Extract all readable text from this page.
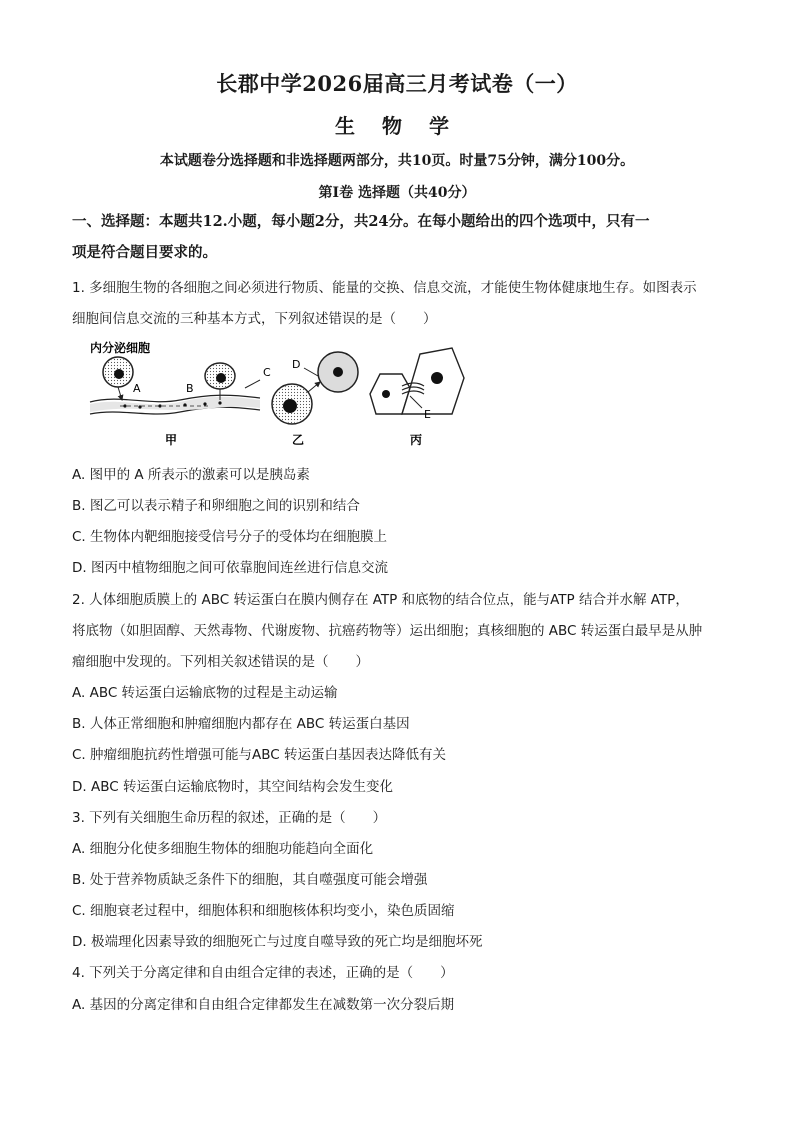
长郡中学2026届高三月考试卷（一）
生 物 学
本试题卷分选择题和非选择题两部分，共10页。时量75分钟，满分100分。
第Ⅰ卷 选择题（共40分）
一、选择题：本题共12.小题，每小题2分，共24分。在每小题给出的四个选项中，只有一
项是符合题目要求的。
1. 多细胞生物的各细胞之间必须进行物质、能量的交换、信息交流，才能使生物体健康地生存。如图表示
细胞间信息交流的三种基本方式，下列叙述错误的是（　　）
内分泌细胞
A	B
甲
C
D
乙
E
丙
A. 图甲的 A 所表示的激素可以是胰岛素
B. 图乙可以表示精子和卵细胞之间的识别和结合
C. 生物体内靶细胞接受信号分子的受体均在细胞膜上
D. 图丙中植物细胞之间可依靠胞间连丝进行信息交流
2. 人体细胞质膜上的 ABC 转运蛋白在膜内侧存在 ATP 和底物的结合位点，能与ATP 结合并水解 ATP，
将底物（如胆固醇、天然毒物、代谢废物、抗癌药物等）运出细胞；真核细胞的 ABC 转运蛋白最早是从肿
瘤细胞中发现的。下列相关叙述错误的是（　　）
A. ABC 转运蛋白运输底物的过程是主动运输
B. 人体正常细胞和肿瘤细胞内都存在 ABC 转运蛋白基因
C. 肿瘤细胞抗药性增强可能与ABC 转运蛋白基因表达降低有关
D. ABC 转运蛋白运输底物时，其空间结构会发生变化
3. 下列有关细胞生命历程的叙述，正确的是（　　）
A. 细胞分化使多细胞生物体的细胞功能趋向全面化
B. 处于营养物质缺乏条件下的细胞，其自噬强度可能会增强
C. 细胞衰老过程中，细胞体积和细胞核体积均变小，染色质固缩
D. 极端理化因素导致的细胞死亡与过度自噬导致的死亡均是细胞坏死
4. 下列关于分离定律和自由组合定律的表述，正确的是（　　）
A. 基因的分离定律和自由组合定律都发生在减数第一次分裂后期
